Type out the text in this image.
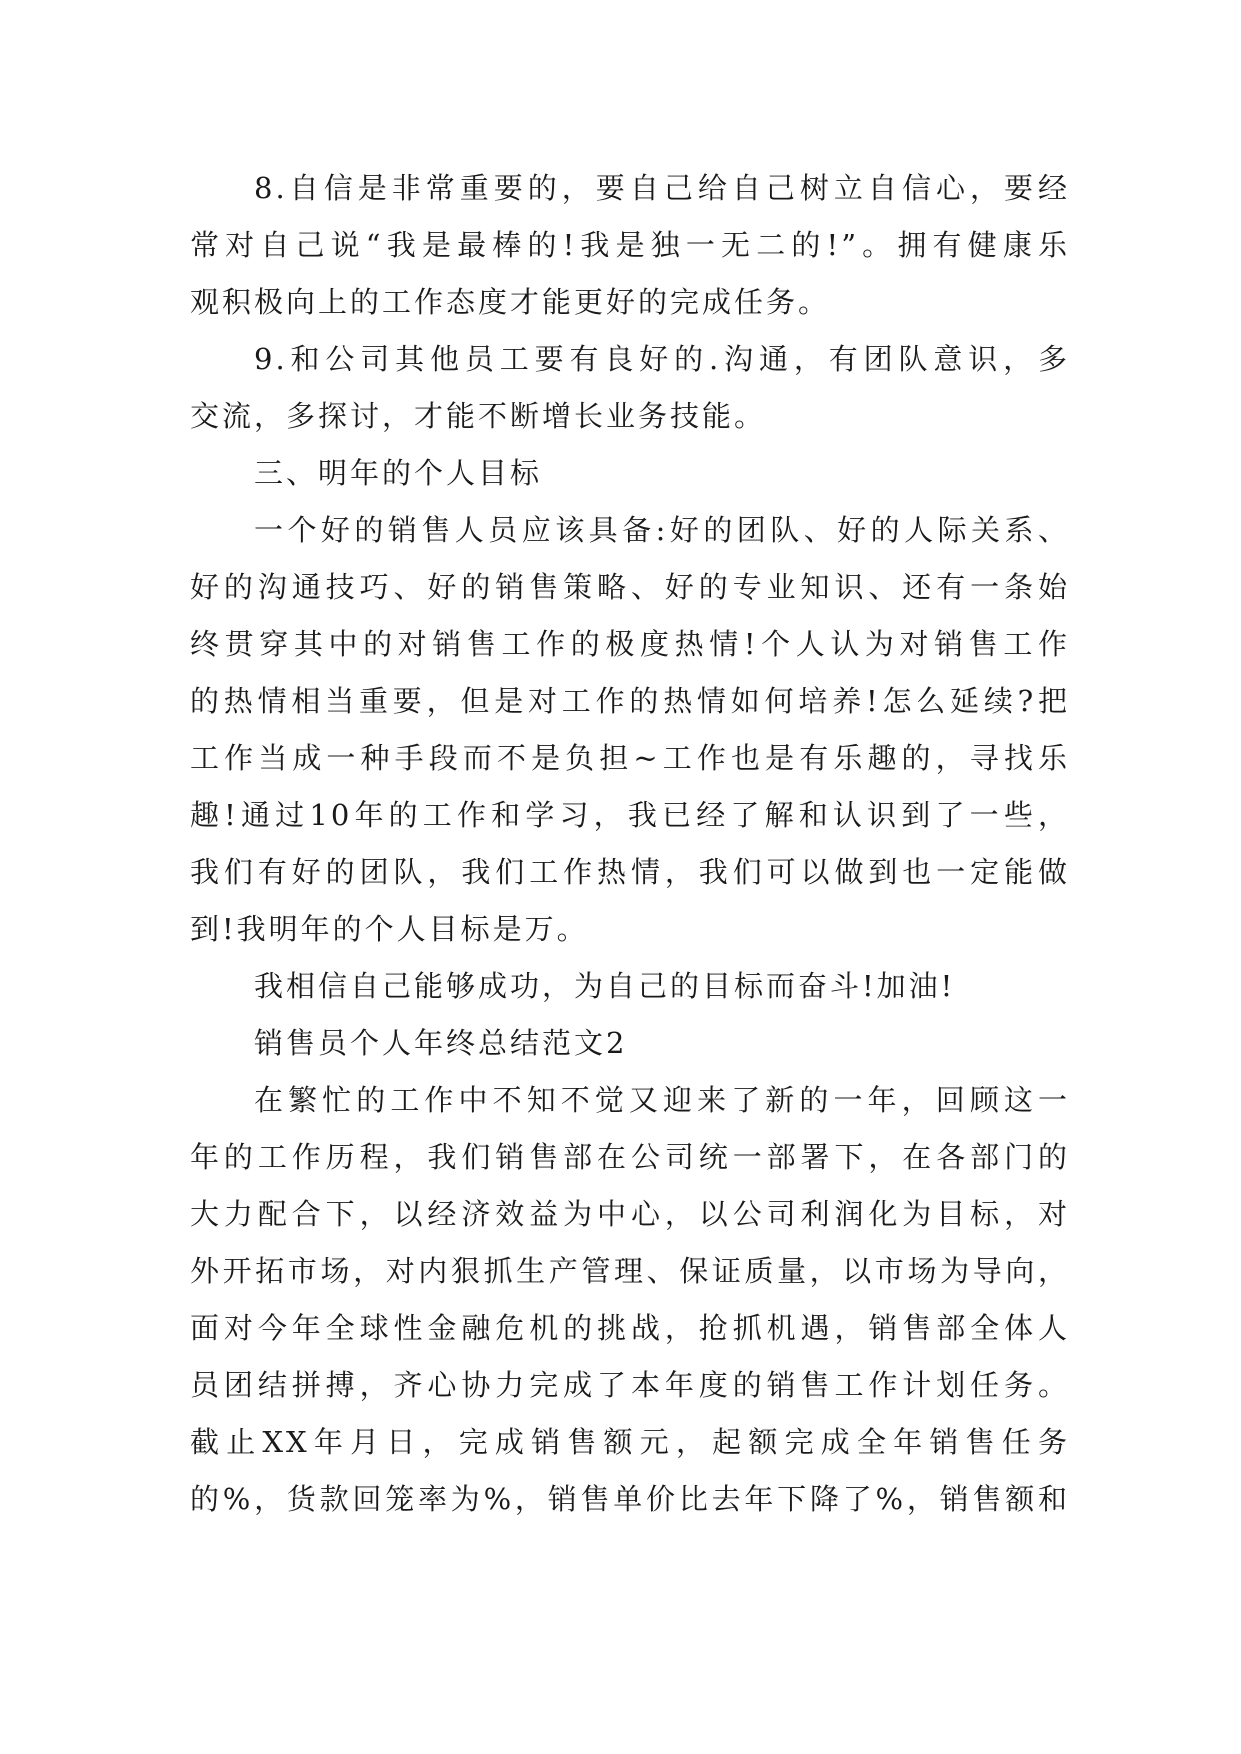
8.自信是非常重要的，要自己给自己树立自信心，要经
常对自己说“我是最棒的!我是独一无二的!”。拥有健康乐
观积极向上的工作态度才能更好的完成任务。
9.和公司其他员工要有良好的.沟通，有团队意识，多
交流，多探讨，才能不断增长业务技能。
三、明年的个人目标
一个好的销售人员应该具备:好的团队、好的人际关系、
好的沟通技巧、好的销售策略、好的专业知识、还有一条始
终贯穿其中的对销售工作的极度热情!个人认为对销售工作
的热情相当重要，但是对工作的热情如何培养!怎么延续?把
工作当成一种手段而不是负担~工作也是有乐趣的，寻找乐
趣!通过10年的工作和学习，我已经了解和认识到了一些，
我们有好的团队，我们工作热情，我们可以做到也一定能做
到!我明年的个人目标是万。
我相信自己能够成功，为自己的目标而奋斗!加油!
销售员个人年终总结范文2
在繁忙的工作中不知不觉又迎来了新的一年，回顾这一
年的工作历程，我们销售部在公司统一部署下，在各部门的
大力配合下，以经济效益为中心，以公司利润化为目标，对
外开拓市场，对内狠抓生产管理、保证质量，以市场为导向，
面对今年全球性金融危机的挑战，抢抓机遇，销售部全体人
员团结拼搏，齐心协力完成了本年度的销售工作计划任务。
截止XX年月日，完成销售额元，起额完成全年销售任务
的%，货款回笼率为%，销售单价比去年下降了%，销售额和
